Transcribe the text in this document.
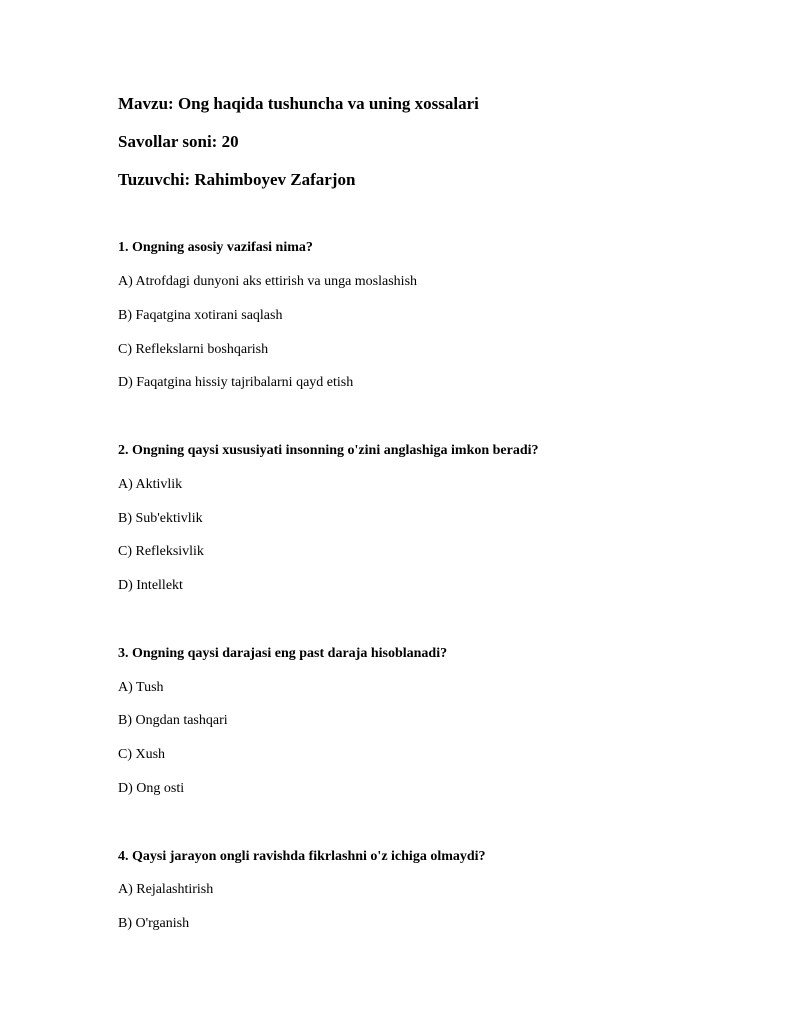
Mavzu: Ong haqida tushuncha va uning xossalari
Savollar soni: 20
Tuzuvchi: Rahimboyev Zafarjon
1. Ongning asosiy vazifasi nima?
A) Atrofdagi dunyoni aks ettirish va unga moslashish
B) Faqatgina xotirani saqlash
C) Reflekslarni boshqarish
D) Faqatgina hissiy tajribalarni qayd etish
2. Ongning qaysi xususiyati insonning o'zini anglashiga imkon beradi?
A) Aktivlik
B) Sub'ektivlik
C) Refleksivlik
D) Intellekt
3. Ongning qaysi darajasi eng past daraja hisoblanadi?
A) Tush
B) Ongdan tashqari
C) Xush
D) Ong osti
4. Qaysi jarayon ongli ravishda fikrlashni o'z ichiga olmaydi?
A) Rejalashtirish
B) O'rganish
